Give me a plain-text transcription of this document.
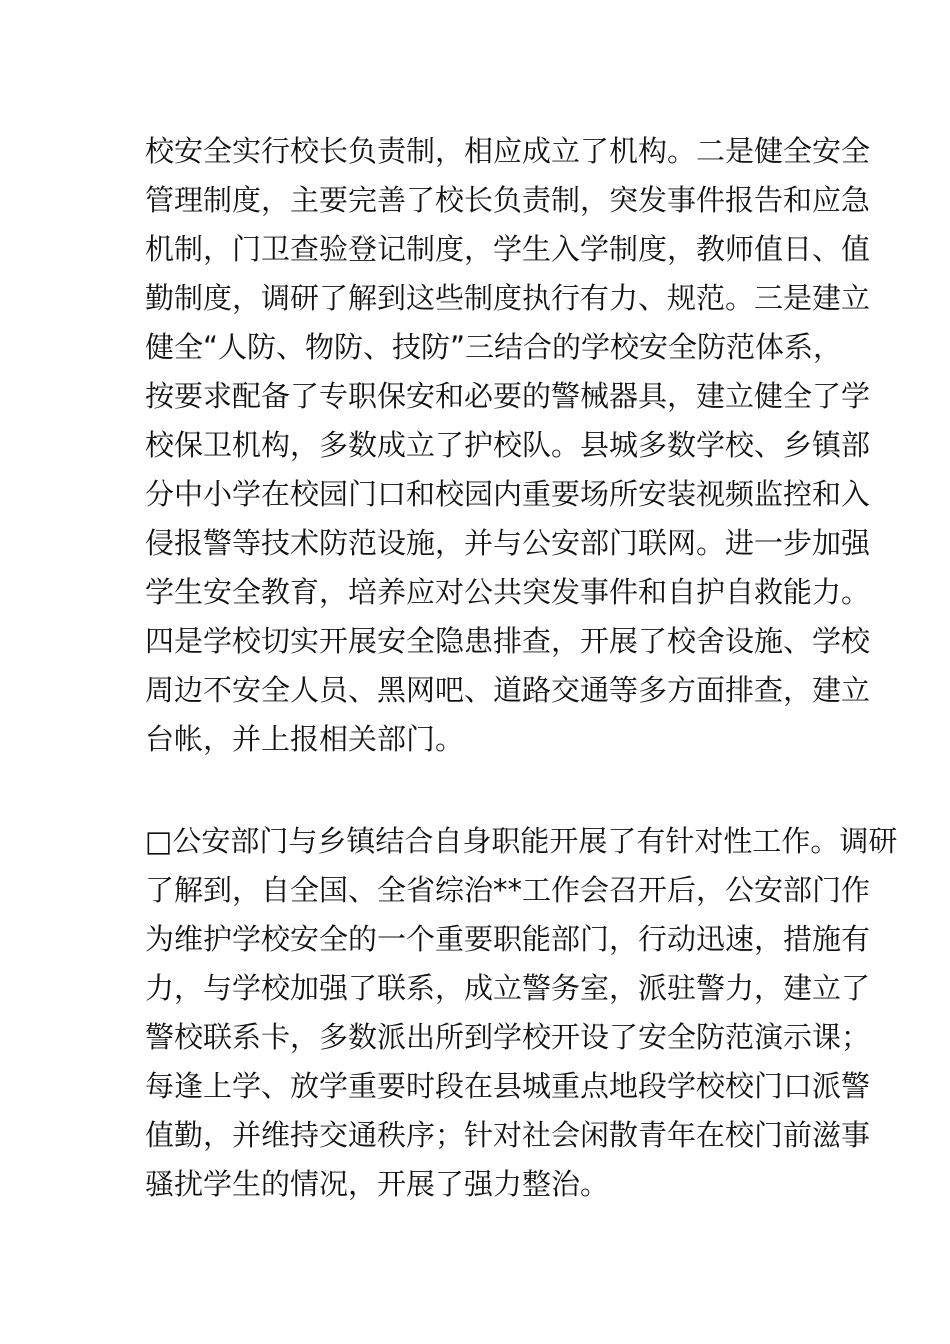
校安全实行校长负责制，相应成立了机构。二是健全安全

管理制度，主要完善了校长负责制，突发事件报告和应急

机制，门卫查验登记制度，学生入学制度，教师值日、值

勤制度，调研了解到这些制度执行有力、规范。三是建立

健全“人防、物防、技防”三结合的学校安全防范体系，

按要求配备了专职保安和必要的警械器具，建立健全了学

校保卫机构，多数成立了护校队。县城多数学校、乡镇部

分中小学在校园门口和校园内重要场所安装视频监控和入

侵报警等技术防范设施，并与公安部门联网。进一步加强

学生安全教育，培养应对公共突发事件和自护自救能力。

四是学校切实开展安全隐患排查，开展了校舍设施、学校

周边不安全人员、黑网吧、道路交通等多方面排查，建立

台帐，并上报相关部门。

□公安部门与乡镇结合自身职能开展了有针对性工作。调研

了解到，自全国、全省综治**工作会召开后，公安部门作

为维护学校安全的一个重要职能部门，行动迅速，措施有

力，与学校加强了联系，成立警务室，派驻警力，建立了

警校联系卡，多数派出所到学校开设了安全防范演示课；

每逢上学、放学重要时段在县城重点地段学校校门口派警

值勤，并维持交通秩序；针对社会闲散青年在校门前滋事

骚扰学生的情况，开展了强力整治。
